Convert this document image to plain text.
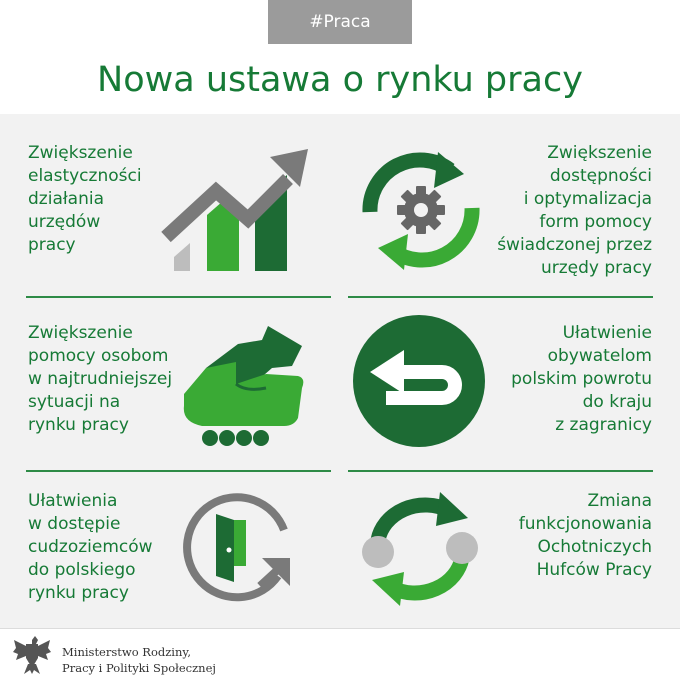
#Praca
Nowa ustawa o rynku pracy
Zwiększenie
elastyczności
działania
urzędów
pracy
Zwiększenie
dostępności
i optymalizacja
form pomocy
świadczonej przez
urzędy pracy
Zwiększenie
pomocy osobom
w najtrudniejszej
sytuacji na
rynku pracy
Ułatwienie
obywatelom
polskim powrotu
do kraju
z zagranicy
Ułatwienia
w dostępie
cudzoziemców
do polskiego
rynku pracy
Zmiana
funkcjonowania
Ochotniczych
Hufców Pracy
Ministerstwo Rodziny,
Pracy i Polityki Społecznej
